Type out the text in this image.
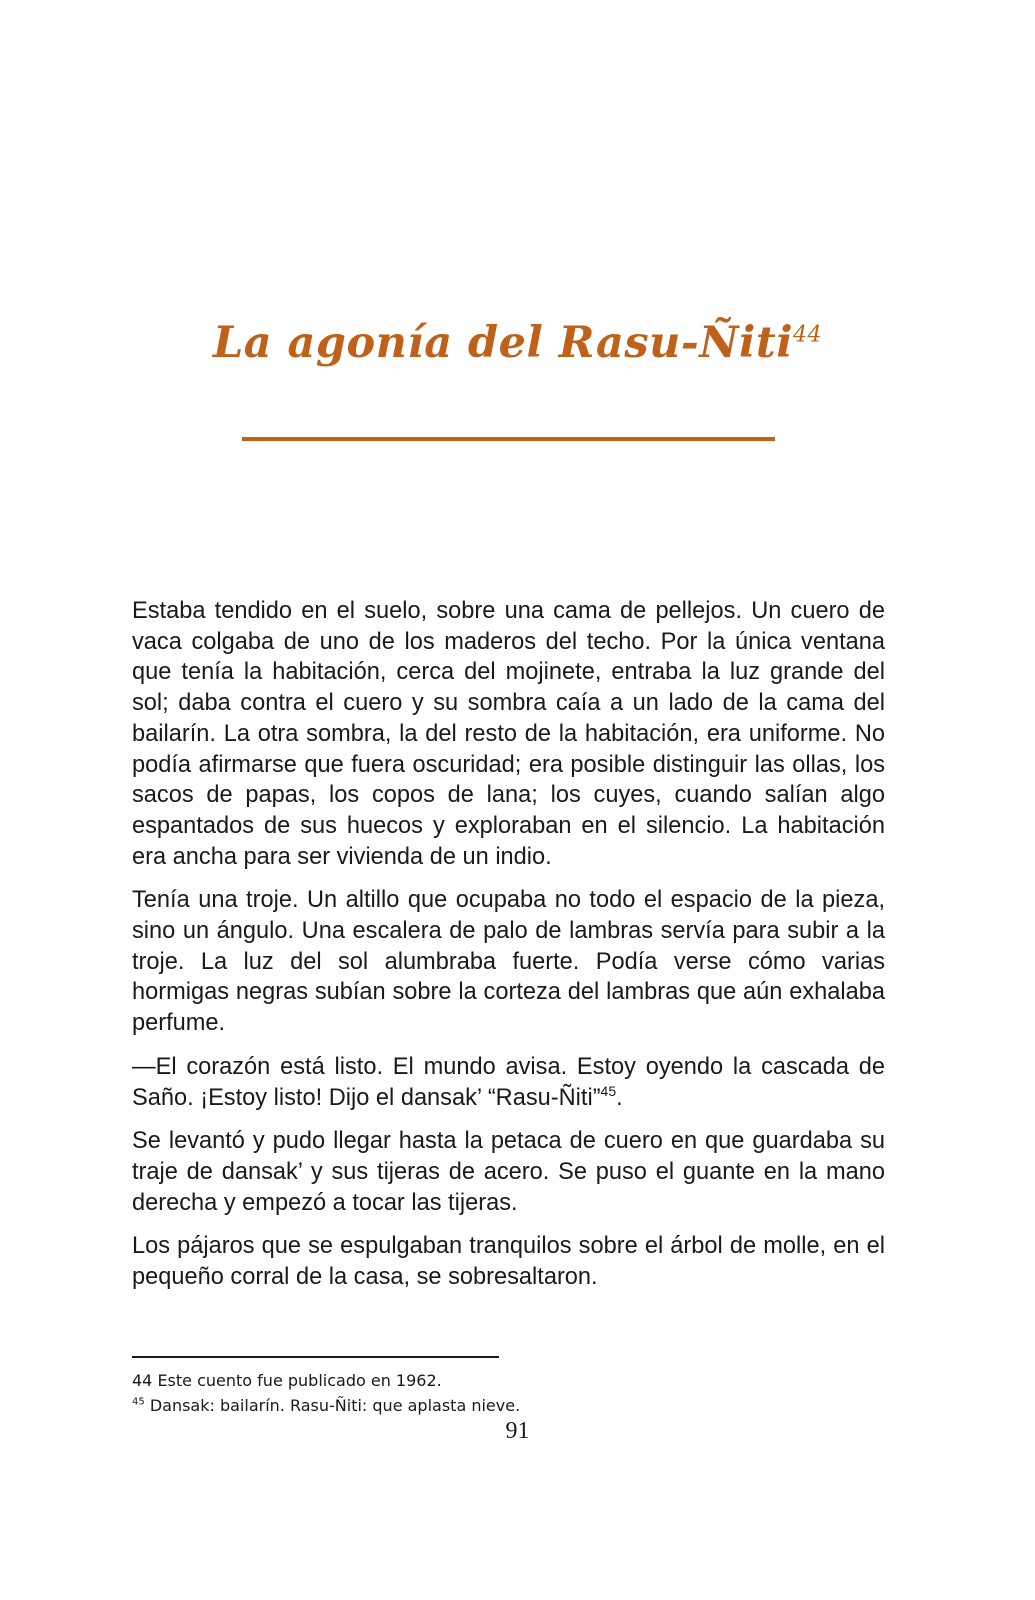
La agonía del Rasu-Ñiti$^{44}$

Estaba tendido en el suelo, sobre una cama de pellejos. Un cuero de vaca colgaba de uno de los maderos del techo. Por la única ventana que tenía la habitación, cerca del mojinete, entraba la luz grande del sol; daba contra el cuero y su sombra caía a un lado de la cama del bailarín. La otra sombra, la del resto de la habitación, era uniforme. No podía afirmarse que fuera oscuridad; era posible distinguir las ollas, los sacos de papas, los copos de lana; los cuyes, cuando salían algo espantados de sus huecos y exploraban en el silencio. La habitación era ancha para ser vivienda de un indio.

Tenía una troje. Un altillo que ocupaba no todo el espacio de la pieza, sino un ángulo. Una escalera de palo de lambras servía para subir a la troje. La luz del sol alumbraba fuerte. Podía verse cómo varias hormigas negras subían sobre la corteza del lambras que aún exhalaba perfume.

—El corazón está listo. El mundo avisa. Estoy oyendo la cascada de Saño. ¡Estoy listo! Dijo el dansak’ “Rasu-Ñiti”$^{45}$.

Se levantó y pudo llegar hasta la petaca de cuero en que guardaba su traje de dansak’ y sus tijeras de acero. Se puso el guante en la mano derecha y empezó a tocar las tijeras.

Los pájaros que se espulgaban tranquilos sobre el árbol de molle, en el pequeño corral de la casa, se sobresaltaron.

44 Este cuento fue publicado en 1962.

$^{45}$ Dansak: bailarín. Rasu-Ñiti: que aplasta nieve.

91
